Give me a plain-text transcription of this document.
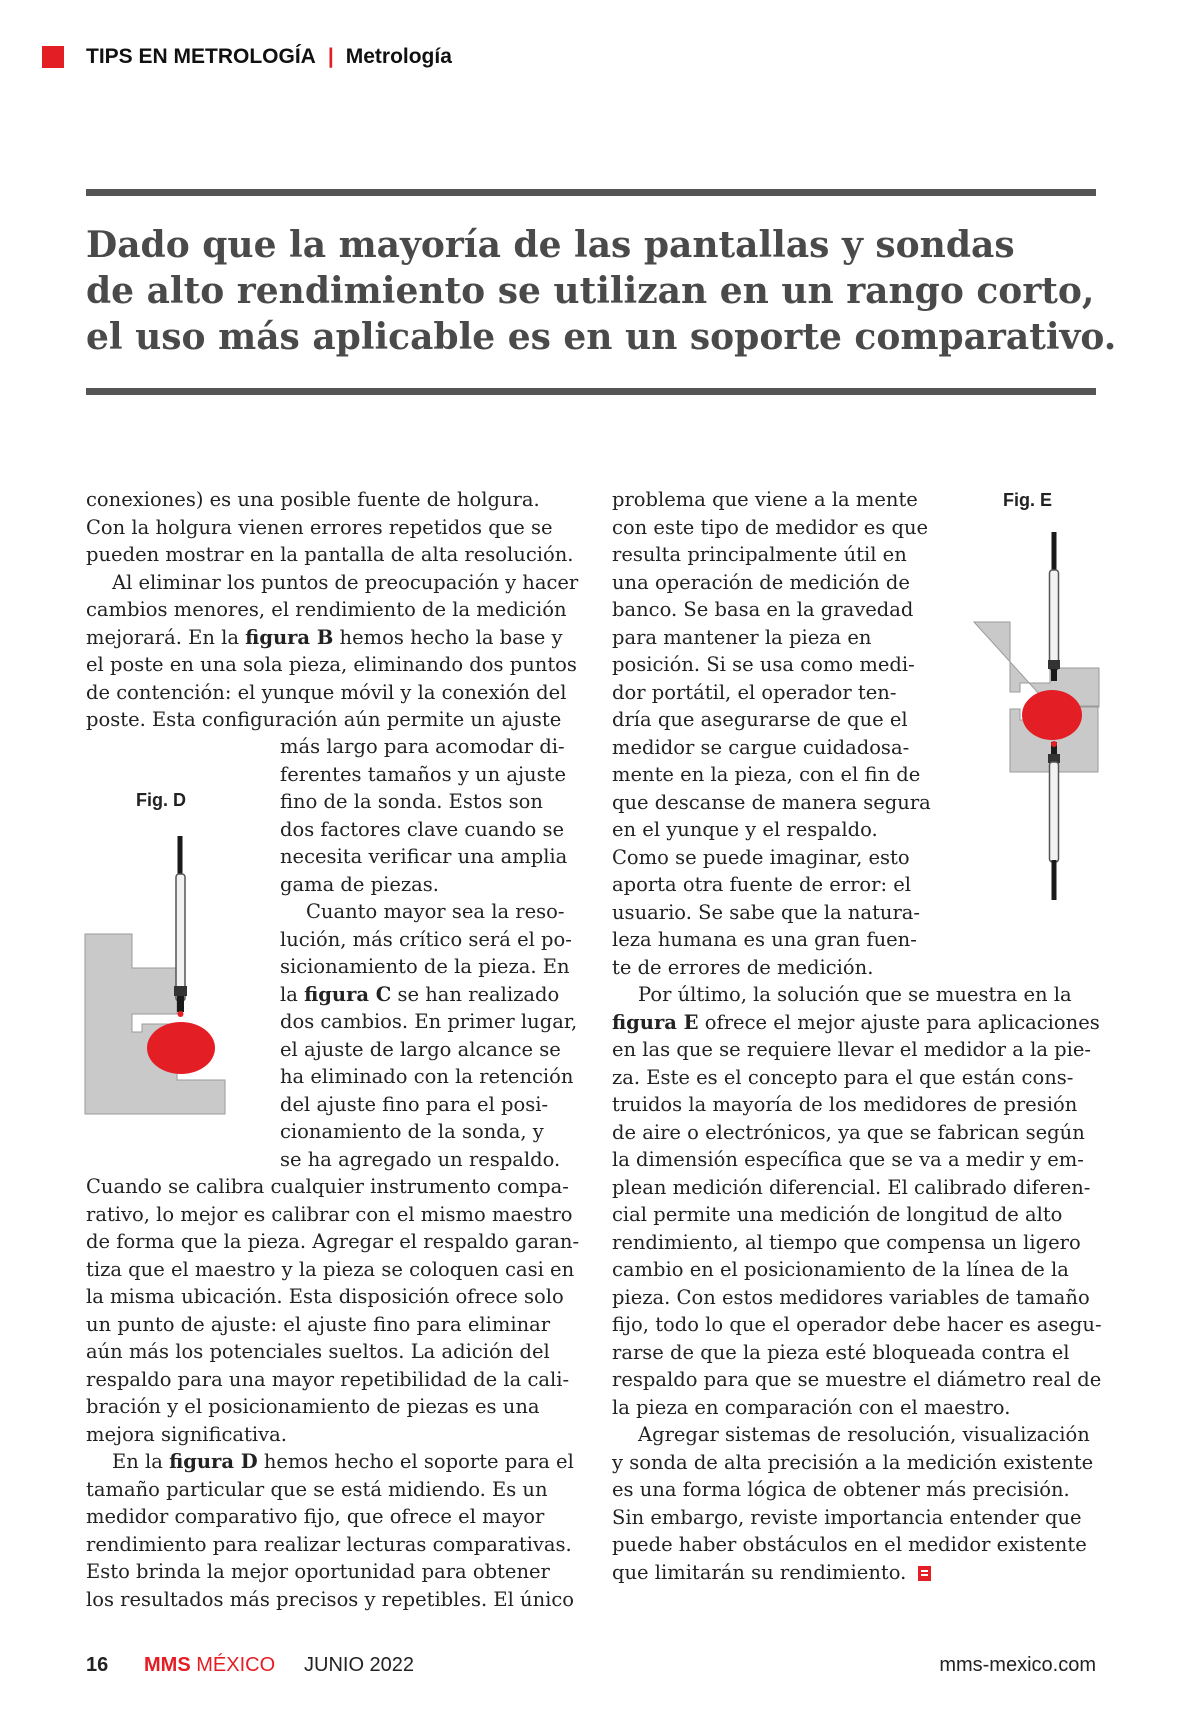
TIPS EN METROLOGÍA | Metrología
Dado que la mayoría de las pantallas y sondas
de alto rendimiento se utilizan en un rango corto,
el uso más aplicable es en un soporte comparativo.
conexiones) es una posible fuente de holgura.
Con la holgura vienen errores repetidos que se
pueden mostrar en la pantalla de alta resolución.
Al eliminar los puntos de preocupación y hacer
cambios menores, el rendimiento de la medición
mejorará. En la figura B hemos hecho la base y
el poste en una sola pieza, eliminando dos puntos
de contención: el yunque móvil y la conexión del
poste. Esta configuración aún permite un ajuste
Fig. D
más largo para acomodar di-
ferentes tamaños y un ajuste
fino de la sonda. Estos son
dos factores clave cuando se
necesita verificar una amplia
gama de piezas.
Cuanto mayor sea la reso-
lución, más crítico será el po-
sicionamiento de la pieza. En
la figura C se han realizado
dos cambios. En primer lugar,
el ajuste de largo alcance se
ha eliminado con la retención
del ajuste fino para el posi-
cionamiento de la sonda, y
se ha agregado un respaldo.
Cuando se calibra cualquier instrumento compa-
rativo, lo mejor es calibrar con el mismo maestro
de forma que la pieza. Agregar el respaldo garan-
tiza que el maestro y la pieza se coloquen casi en
la misma ubicación. Esta disposición ofrece solo
un punto de ajuste: el ajuste fino para eliminar
aún más los potenciales sueltos. La adición del
respaldo para una mayor repetibilidad de la cali-
bración y el posicionamiento de piezas es una
mejora significativa.
En la figura D hemos hecho el soporte para el
tamaño particular que se está midiendo. Es un
medidor comparativo fijo, que ofrece el mayor
rendimiento para realizar lecturas comparativas.
Esto brinda la mejor oportunidad para obtener
los resultados más precisos y repetibles. El único
problema que viene a la mente
con este tipo de medidor es que
resulta principalmente útil en
una operación de medición de
banco. Se basa en la gravedad
para mantener la pieza en
posición. Si se usa como medi-
dor portátil, el operador ten-
dría que asegurarse de que el
medidor se cargue cuidadosa-
mente en la pieza, con el fin de
que descanse de manera segura
en el yunque y el respaldo.
Como se puede imaginar, esto
aporta otra fuente de error: el
usuario. Se sabe que la natura-
leza humana es una gran fuen-
te de errores de medición.
Fig. E
Por último, la solución que se muestra en la
figura E ofrece el mejor ajuste para aplicaciones
en las que se requiere llevar el medidor a la pie-
za. Este es el concepto para el que están cons-
truidos la mayoría de los medidores de presión
de aire o electrónicos, ya que se fabrican según
la dimensión específica que se va a medir y em-
plean medición diferencial. El calibrado diferen-
cial permite una medición de longitud de alto
rendimiento, al tiempo que compensa un ligero
cambio en el posicionamiento de la línea de la
pieza. Con estos medidores variables de tamaño
fijo, todo lo que el operador debe hacer es asegu-
rarse de que la pieza esté bloqueada contra el
respaldo para que se muestre el diámetro real de
la pieza en comparación con el maestro.
Agregar sistemas de resolución, visualización
y sonda de alta precisión a la medición existente
es una forma lógica de obtener más precisión.
Sin embargo, reviste importancia entender que
puede haber obstáculos en el medidor existente
que limitarán su rendimiento.
16 MMS MÉXICO JUNIO 2022	mms-mexico.com
